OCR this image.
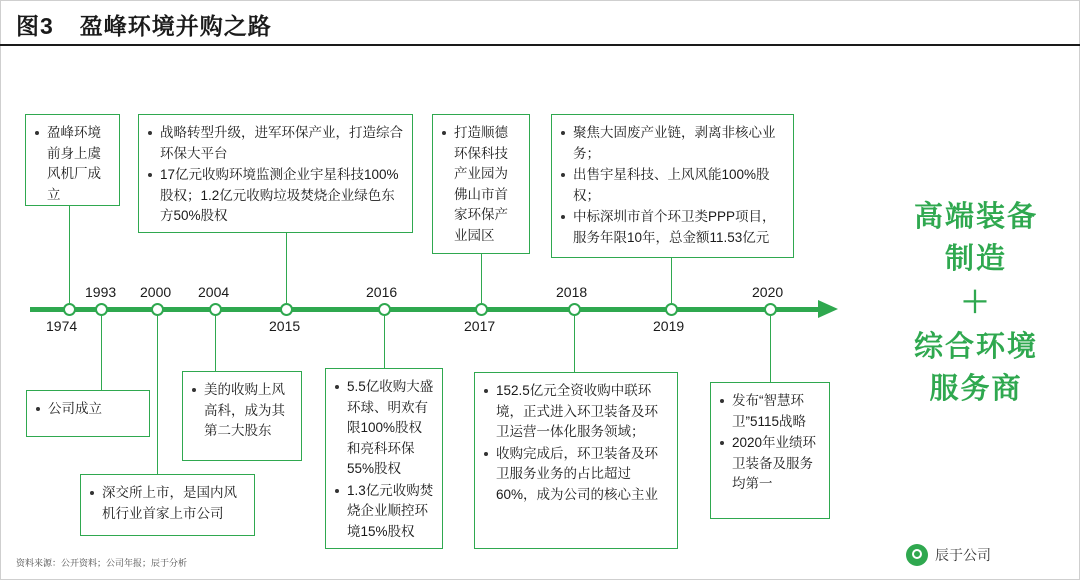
图3 盈峰环境并购之路
1993 2000 2004	2016	2018	2020
1974	2015	2017	2019
盈峰环境前身上虞风机厂成立
战略转型升级，进军环保产业，打造综合环保大平台
17亿元收购环境监测企业宇星科技100%股权；1.2亿元收购垃圾焚烧企业绿色东方50%股权
打造顺德环保科技产业园为佛山市首家环保产业园区
聚焦大固废产业链，剥离非核心业务；
出售宇星科技、上风风能100%股权；
中标深圳市首个环卫类PPP项目，服务年限10年，总金额11.53亿元
公司成立
深交所上市，是国内风机行业首家上市公司
美的收购上风高科，成为其第二大股东
5.5亿收购大盛环球、明欢有限100%股权和亮科环保55%股权
1.3亿元收购焚烧企业顺控环境15%股权
152.5亿元全资收购中联环境，正式进入环卫装备及环卫运营一体化服务领域；
收购完成后，环卫装备及环卫服务业务的占比超过60%，成为公司的核心主业
发布“智慧环卫”5115战略
2020年业绩环卫装备及服务均第一
高端装备
制造
＋
综合环境
服务商
资料来源：公开资料；公司年报；辰于分析	辰于公司
